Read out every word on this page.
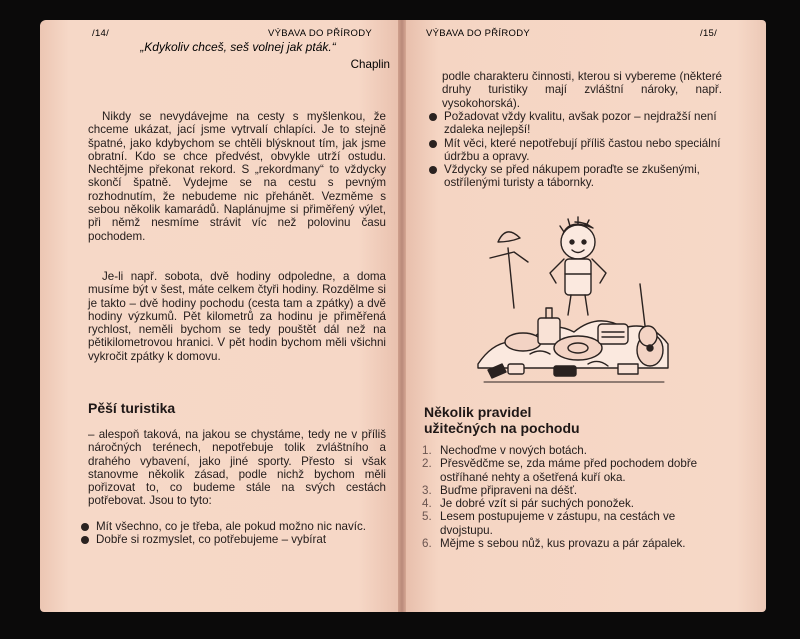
/14/	VÝBAVA DO PŘÍRODY
„Kdykoliv chceš, seš volnej jak pták.“
Chaplin
Nikdy se nevydávejme na cesty s myšlenkou, že chceme ukázat, jací jsme vytrvalí chlapíci. Je to stejně špatné, jako kdybychom se chtěli blýsknout tím, jak jsme obratní. Kdo se chce předvést, obvykle utrží ostudu. Nechtějme překonat rekord. S „rekordmany“ to vždycky skončí špatně. Vydejme se na cestu s pevným rozhodnutím, že nebudeme nic přehánět. Vezměme s sebou několik kamarádů. Naplánujme si přiměřený výlet, při němž nesmíme strávit víc než polovinu času pochodem.
Je-li např. sobota, dvě hodiny odpoledne, a doma musíme být v šest, máte celkem čtyři hodiny. Rozdělme si je takto – dvě hodiny pochodu (cesta tam a zpátky) a dvě hodiny výzkumů. Pět kilometrů za hodinu je přiměřená rychlost, neměli bychom se tedy pouštět dál než na pětikilometrovou hranici. V pět hodin bychom měli všichni vykročit zpátky k domovu.
Pěší turistika
– alespoň taková, na jakou se chystáme, tedy ne v příliš náročných terénech, nepotřebuje tolik zvláštního a drahého vybavení, jako jiné sporty. Přesto si však stanovme několik zásad, podle nichž bychom měli pořizovat to, co budeme stále na svých cestách potřebovat. Jsou to tyto:
Mít všechno, co je třeba, ale pokud možno nic navíc.
Dobře si rozmyslet, co potřebujeme – vybírat
VÝBAVA DO PŘÍRODY	/15/
podle charakteru činnosti, kterou si vybereme (některé druhy turistiky mají zvláštní nároky, např. vysokohorská).
Požadovat vždy kvalitu, avšak pozor – nejdražší není zdaleka nejlepší!
Mít věci, které nepotřebují příliš častou nebo speciální údržbu a opravy.
Vždycky se před nákupem poraďte se zkušenými, ostřílenými turisty a tábornky.
Několik pravidel
užitečných na pochodu
1. Nechoďme v nových botách.
2. Přesvědčme se, zda máme před pochodem dobře ostříhané nehty a ošetřená kuří oka.
3. Buďme připraveni na déšť.
4. Je dobré vzít si pár suchých ponožek.
5. Lesem postupujeme v zástupu, na cestách ve dvojstupu.
6. Mějme s sebou nůž, kus provazu a pár zápalek.
